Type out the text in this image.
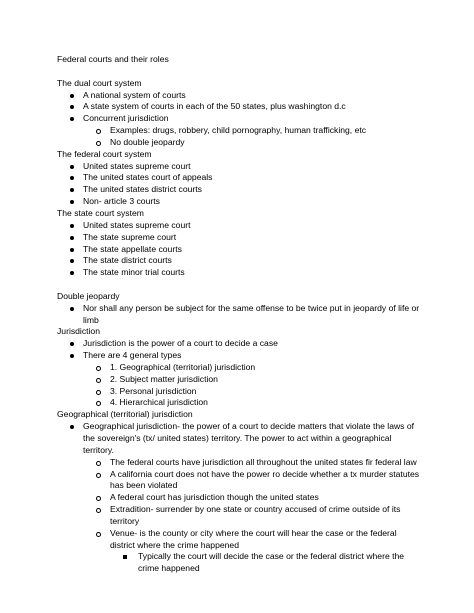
Federal courts and their roles
The dual court system
A national system of courts
A state system of courts in each of the 50 states, plus washington d.c
Concurrent jurisdiction
Examples: drugs, robbery, child pornography, human trafficking, etc
No double jeopardy
The federal court system
United states supreme court
The united states court of appeals
The united states district courts
Non- article 3 courts
The state court system
United states supreme court
The state supreme court
The state appellate courts
The state district courts
The state minor trial courts
Double jeopardy
Nor shall any person be subject for the same offense to be twice put in jeopardy of life or
limb
Jurisdiction
Jurisdiction is the power of a court to decide a case
There are 4 general types
1. Geographical (territorial) jurisdiction
2. Subject matter jurisdiction
3. Personal jurisdiction
4. Hierarchical jurisdiction
Geographical (territorial) jurisdiction
Geographical jurisdiction- the power of a court to decide matters that violate the laws of
the sovereign's (tx/ united states) territory. The power to act within a geographical
territory.
The federal courts have jurisdiction all throughout the united states fir federal law
A california court does not have the power ro decide whether a tx murder statutes
has been violated
A federal court has jurisdiction though the united states
Extradition- surrender by one state or country accused of crime outside of its
territory
Venue- is the county or city where the court will hear the case or the federal
district where the crime happened
Typically the court will decide the case or the federal district where the
crime happened
